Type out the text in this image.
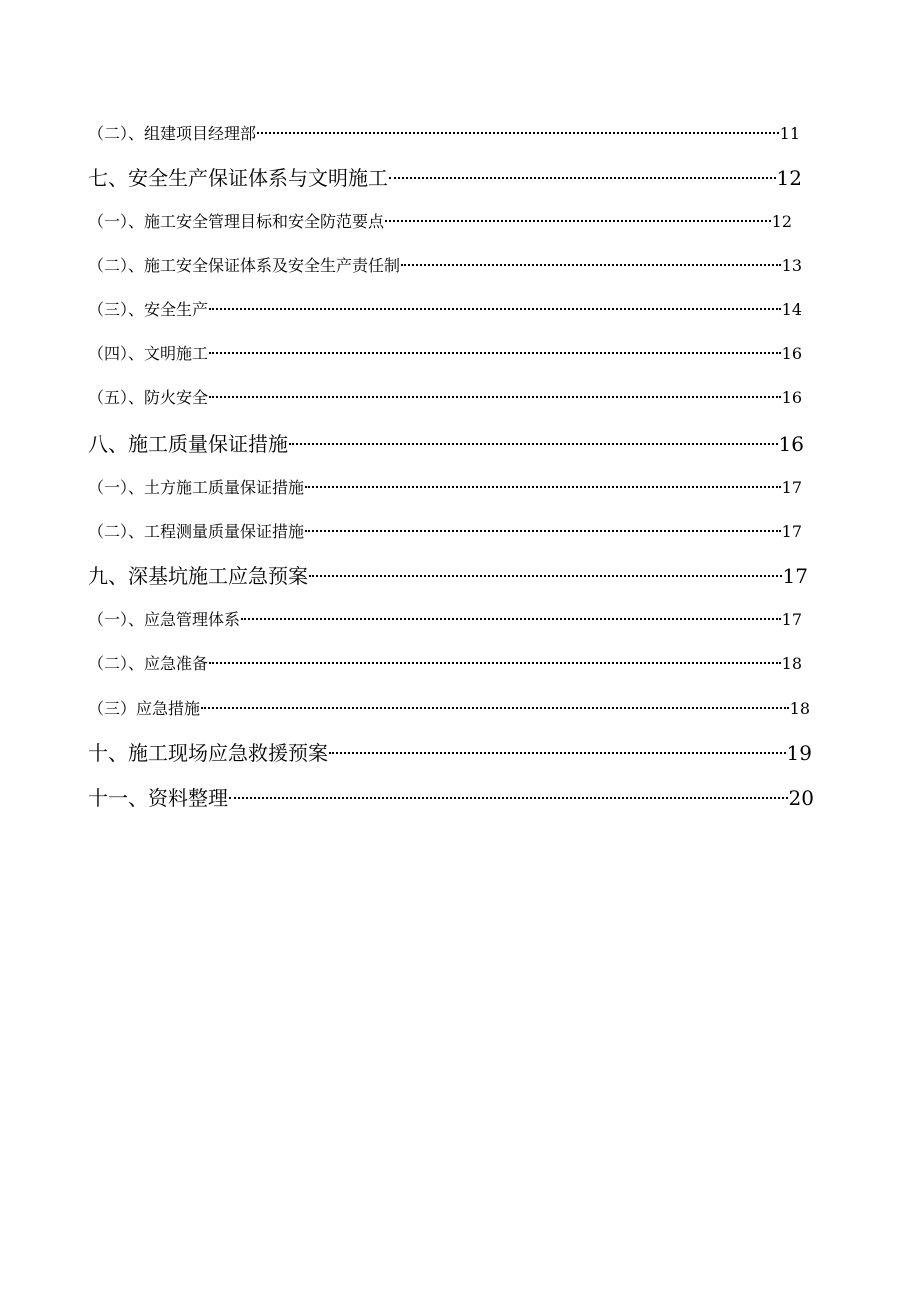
（二）、组建项目经理部	11
七、安全生产保证体系与文明施工	12
（一）、施工安全管理目标和安全防范要点	12
（二）、施工安全保证体系及安全生产责任制	13
（三）、安全生产	14
（四）、文明施工	16
（五）、防火安全	16
八、施工质量保证措施	16
（一）、土方施工质量保证措施	17
（二）、工程测量质量保证措施	17
九、深基坑施工应急预案	17
（一）、应急管理体系	17
（二）、应急准备	18
（三）应急措施	18
十、施工现场应急救援预案	19
十一、资料整理	20
